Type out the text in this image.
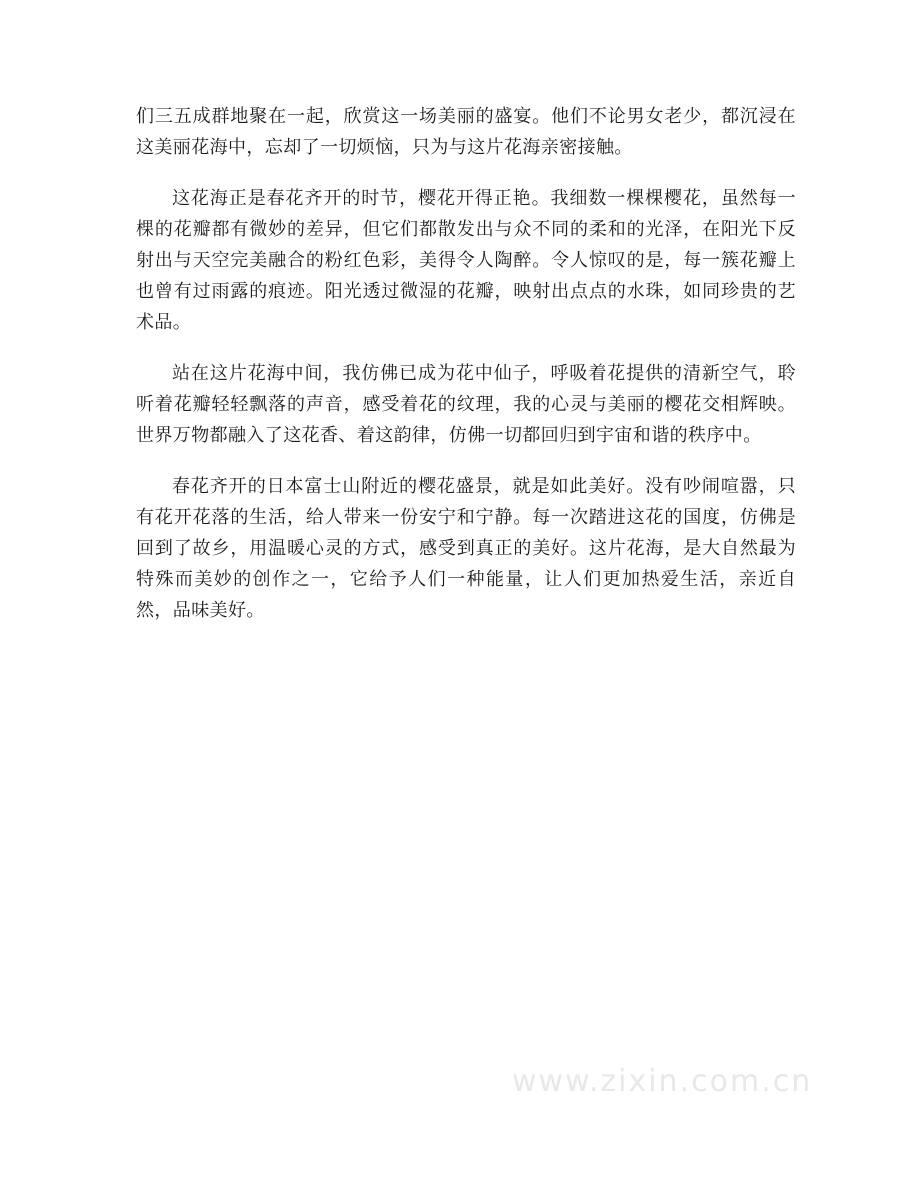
们三五成群地聚在一起，欣赏这一场美丽的盛宴。他们不论男女老少，都沉浸在这美丽花海中，忘却了一切烦恼，只为与这片花海亲密接触。

这花海正是春花齐开的时节，樱花开得正艳。我细数一棵棵樱花，虽然每一棵的花瓣都有微妙的差异，但它们都散发出与众不同的柔和的光泽，在阳光下反射出与天空完美融合的粉红色彩，美得令人陶醉。令人惊叹的是，每一簇花瓣上也曾有过雨露的痕迹。阳光透过微湿的花瓣，映射出点点的水珠，如同珍贵的艺术品。

站在这片花海中间，我仿佛已成为花中仙子，呼吸着花提供的清新空气，聆听着花瓣轻轻飘落的声音，感受着花的纹理，我的心灵与美丽的樱花交相辉映。世界万物都融入了这花香、着这韵律，仿佛一切都回归到宇宙和谐的秩序中。

春花齐开的日本富士山附近的樱花盛景，就是如此美好。没有吵闹喧嚣，只有花开花落的生活，给人带来一份安宁和宁静。每一次踏进这花的国度，仿佛是回到了故乡，用温暖心灵的方式，感受到真正的美好。这片花海，是大自然最为特殊而美妙的创作之一，它给予人们一种能量，让人们更加热爱生活，亲近自然，品味美好。

www.zixin.com.cn
